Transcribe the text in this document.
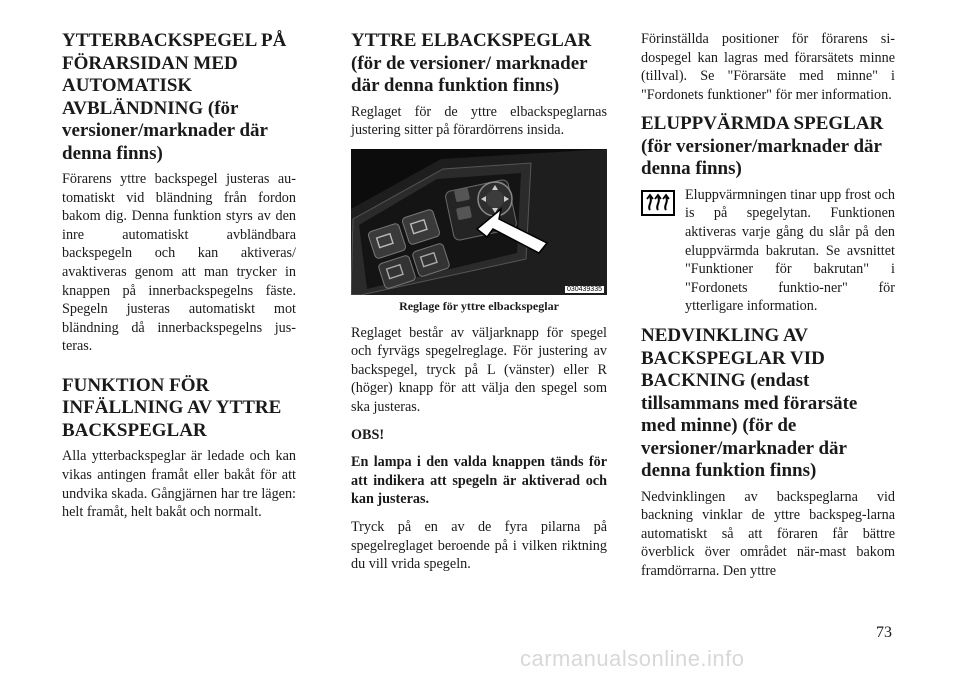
YTTERBACKSPEGEL PÅ FÖRARSIDAN MED AUTOMATISK AVBLÄNDNING (för versioner/marknader där denna finns)

Förarens yttre backspegel justeras au-tomatiskt vid bländning från fordon bakom dig. Denna funktion styrs av den inre automatiskt avbländbara backspegeln och kan aktiveras/ avaktiveras genom att man trycker in knappen på innerbackspegelns fäste. Spegeln justeras automatiskt mot bländning då innerbackspegelns jus-teras.

FUNKTION FÖR INFÄLLNING AV YTTRE BACKSPEGLAR

Alla ytterbackspeglar är ledade och kan vikas antingen framåt eller bakåt för att undvika skada. Gångjärnen har tre lägen: helt framåt, helt bakåt och normalt.

YTTRE ELBACKSPEGLAR (för de versioner/ marknader där denna funktion finns)

Reglaget för de yttre elbackspeglarnas justering sitter på förardörrens insida.

030439335
Reglage för yttre elbackspeglar

Reglaget består av väljarknapp för spegel och fyrvägs spegelreglage. För justering av backspegel, tryck på L (vänster) eller R (höger) knapp för att välja den spegel som ska justeras.

OBS!

En lampa i den valda knappen tänds för att indikera att spegeln är aktiverad och kan justeras.

Tryck på en av de fyra pilarna på spegelreglaget beroende på i vilken riktning du vill vrida spegeln.

Förinställda positioner för förarens si-dospegel kan lagras med förarsätets minne (tillval). Se "Förarsäte med minne" i "Fordonets funktioner" för mer information.

ELUPPVÄRMDA SPEGLAR (för versioner/marknader där denna finns)

Eluppvärmningen tinar upp frost och is på spegelytan. Funktionen aktiveras varje gång du slår på den eluppvärmda bakrutan. Se avsnittet "Funktioner för bakrutan" i "Fordonets funktio-ner" för ytterligare information.

NEDVINKLING AV BACKSPEGLAR VID BACKNING (endast tillsammans med förarsäte med minne) (för de versioner/marknader där denna funktion finns)

Nedvinklingen av backspeglarna vid backning vinklar de yttre backspeg-larna automatiskt så att föraren får bättre överblick över området när-mast bakom framdörrarna. Den yttre

73
carmanualsonline.info
